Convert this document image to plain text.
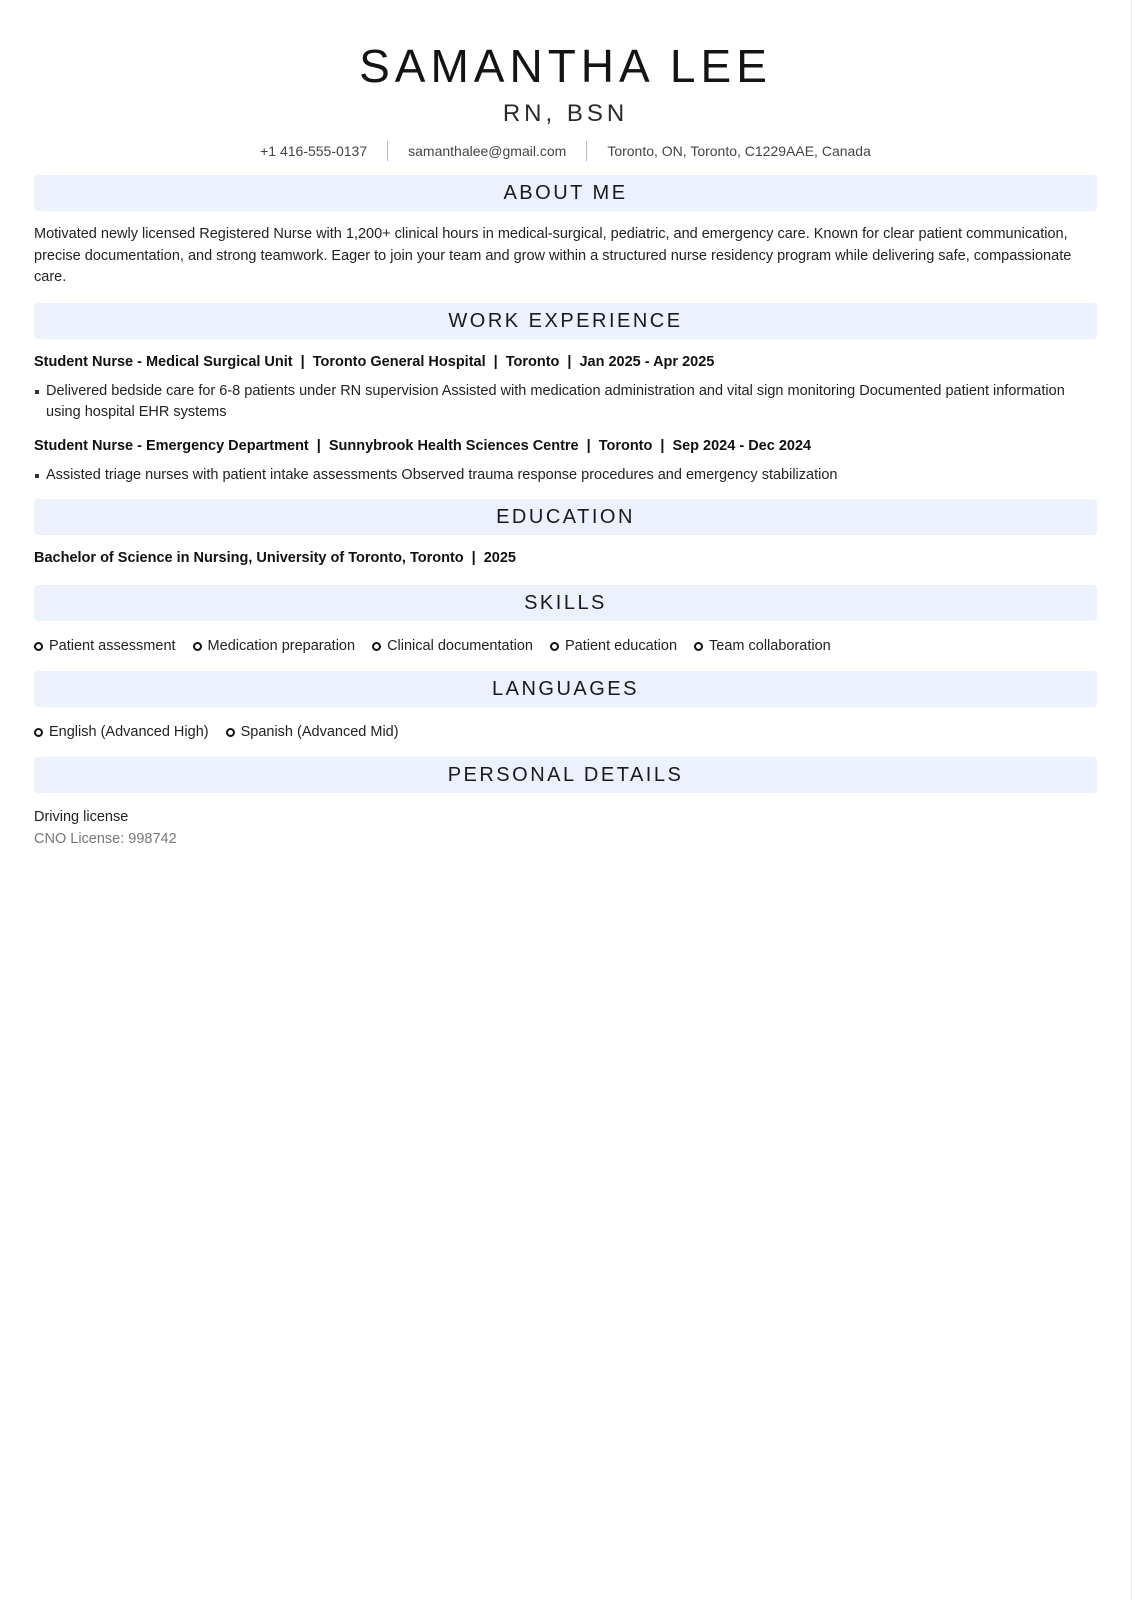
SAMANTHA LEE
RN, BSN
+1 416-555-0137	samanthalee@gmail.com	Toronto, ON, Toronto, C1229AAE, Canada
ABOUT ME
Motivated newly licensed Registered Nurse with 1,200+ clinical hours in medical-surgical, pediatric, and emergency care. Known for clear patient communication, precise documentation, and strong teamwork. Eager to join your team and grow within a structured nurse residency program while delivering safe, compassionate care.
WORK EXPERIENCE
Student Nurse - Medical Surgical Unit | Toronto General Hospital | Toronto | Jan 2025 - Apr 2025
Delivered bedside care for 6-8 patients under RN supervision Assisted with medication administration and vital sign monitoring Documented patient information using hospital EHR systems
Student Nurse - Emergency Department | Sunnybrook Health Sciences Centre | Toronto | Sep 2024 - Dec 2024
Assisted triage nurses with patient intake assessments Observed trauma response procedures and emergency stabilization
EDUCATION
Bachelor of Science in Nursing, University of Toronto, Toronto | 2025
SKILLS
Patient assessment Medication preparation Clinical documentation Patient education Team collaboration
LANGUAGES
English (Advanced High) Spanish (Advanced Mid)
PERSONAL DETAILS
Driving license
CNO License: 998742
